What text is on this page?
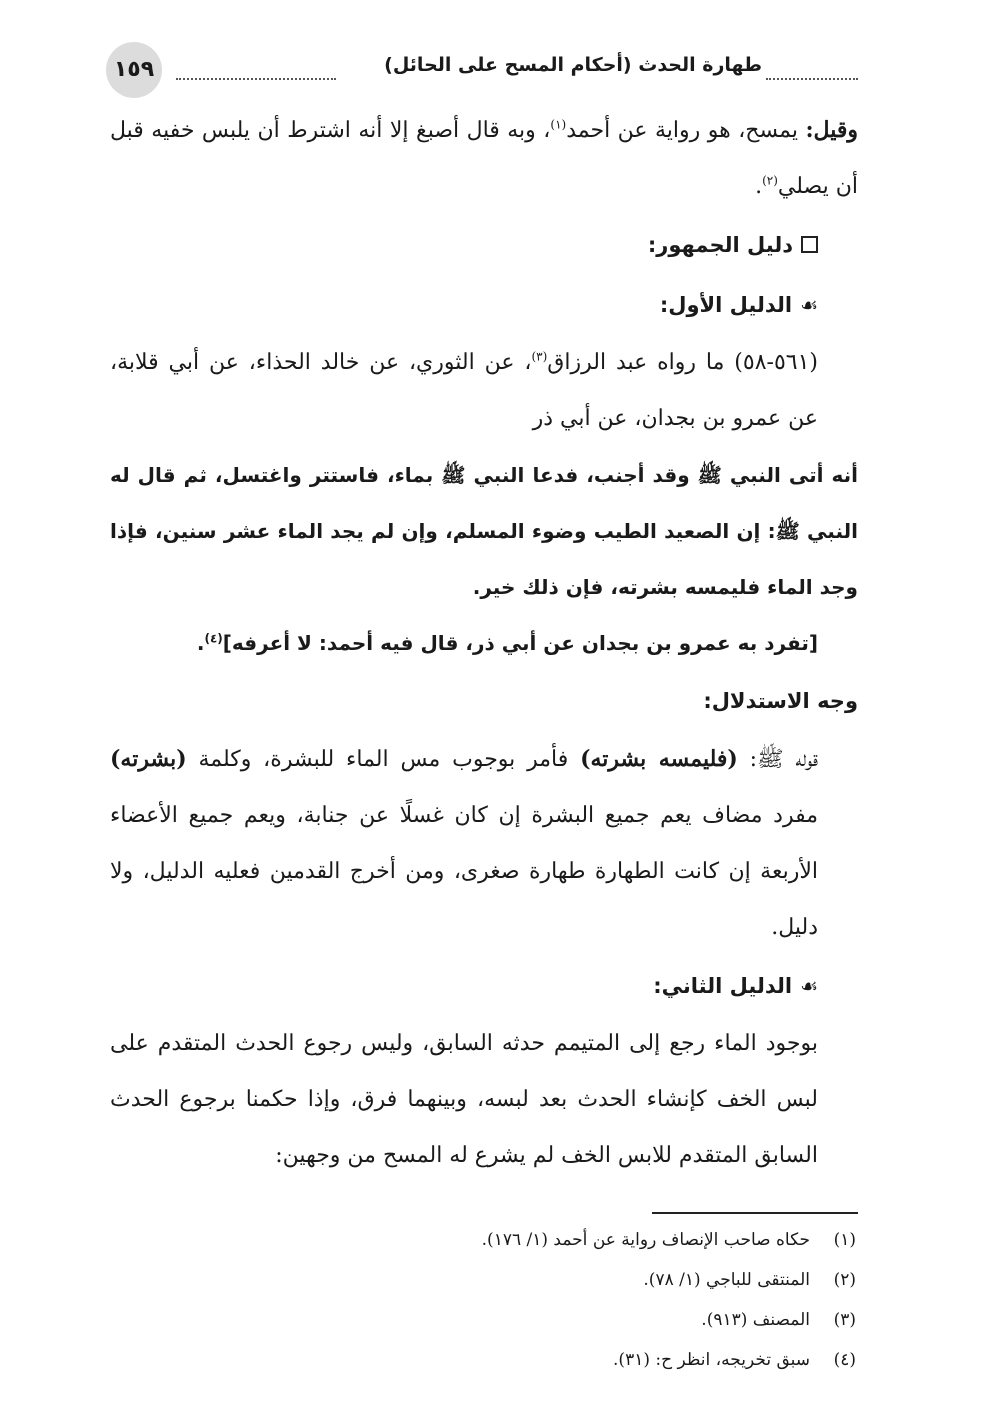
١٥٩	طهارة الحدث (أحكام المسح على الحائل)

وقيل: يمسح، هو رواية عن أحمد$^{(١)}$، وبه قال أصبغ إلا أنه اشترط أن يلبس خفيه قبل أن يصلي$^{(٢)}$.

دليل الجمهور:
☙الدليل الأول:

(٥٦١-٥٨) ما رواه عبد الرزاق$^{(٣)}$، عن الثوري، عن خالد الحذاء، عن أبي قلابة، عن عمرو بن بجدان، عن أبي ذر

أنه أتى النبي ﷺ وقد أجنب، فدعا النبي ﷺ بماء، فاستتر واغتسل، ثم قال له النبي ﷺ: إن الصعيد الطيب وضوء المسلم، وإن لم يجد الماء عشر سنين، فإذا وجد الماء فليمسه بشرته، فإن ذلك خير.

[تفرد به عمرو بن بجدان عن أبي ذر، قال فيه أحمد: لا أعرفه]$^{(٤)}$.

وجه الاستدلال:

قوله ﷺ: (فليمسه بشرته) فأمر بوجوب مس الماء للبشرة، وكلمة (بشرته) مفرد مضاف يعم جميع البشرة إن كان غسلًا عن جنابة، ويعم جميع الأعضاء الأربعة إن كانت الطهارة طهارة صغرى، ومن أخرج القدمين فعليه الدليل، ولا دليل.

☙الدليل الثاني:

بوجود الماء رجع إلى المتيمم حدثه السابق، وليس رجوع الحدث المتقدم على لبس الخف كإنشاء الحدث بعد لبسه، وبينهما فرق، وإذا حكمنا برجوع الحدث السابق المتقدم للابس الخف لم يشرع له المسح من وجهين:

(١)حكاه صاحب الإنصاف رواية عن أحمد (١/ ١٧٦).
(٢)المنتقى للباجي (١/ ٧٨).
(٣)المصنف (٩١٣).
(٤)سبق تخريجه، انظر ح: (٣١).
